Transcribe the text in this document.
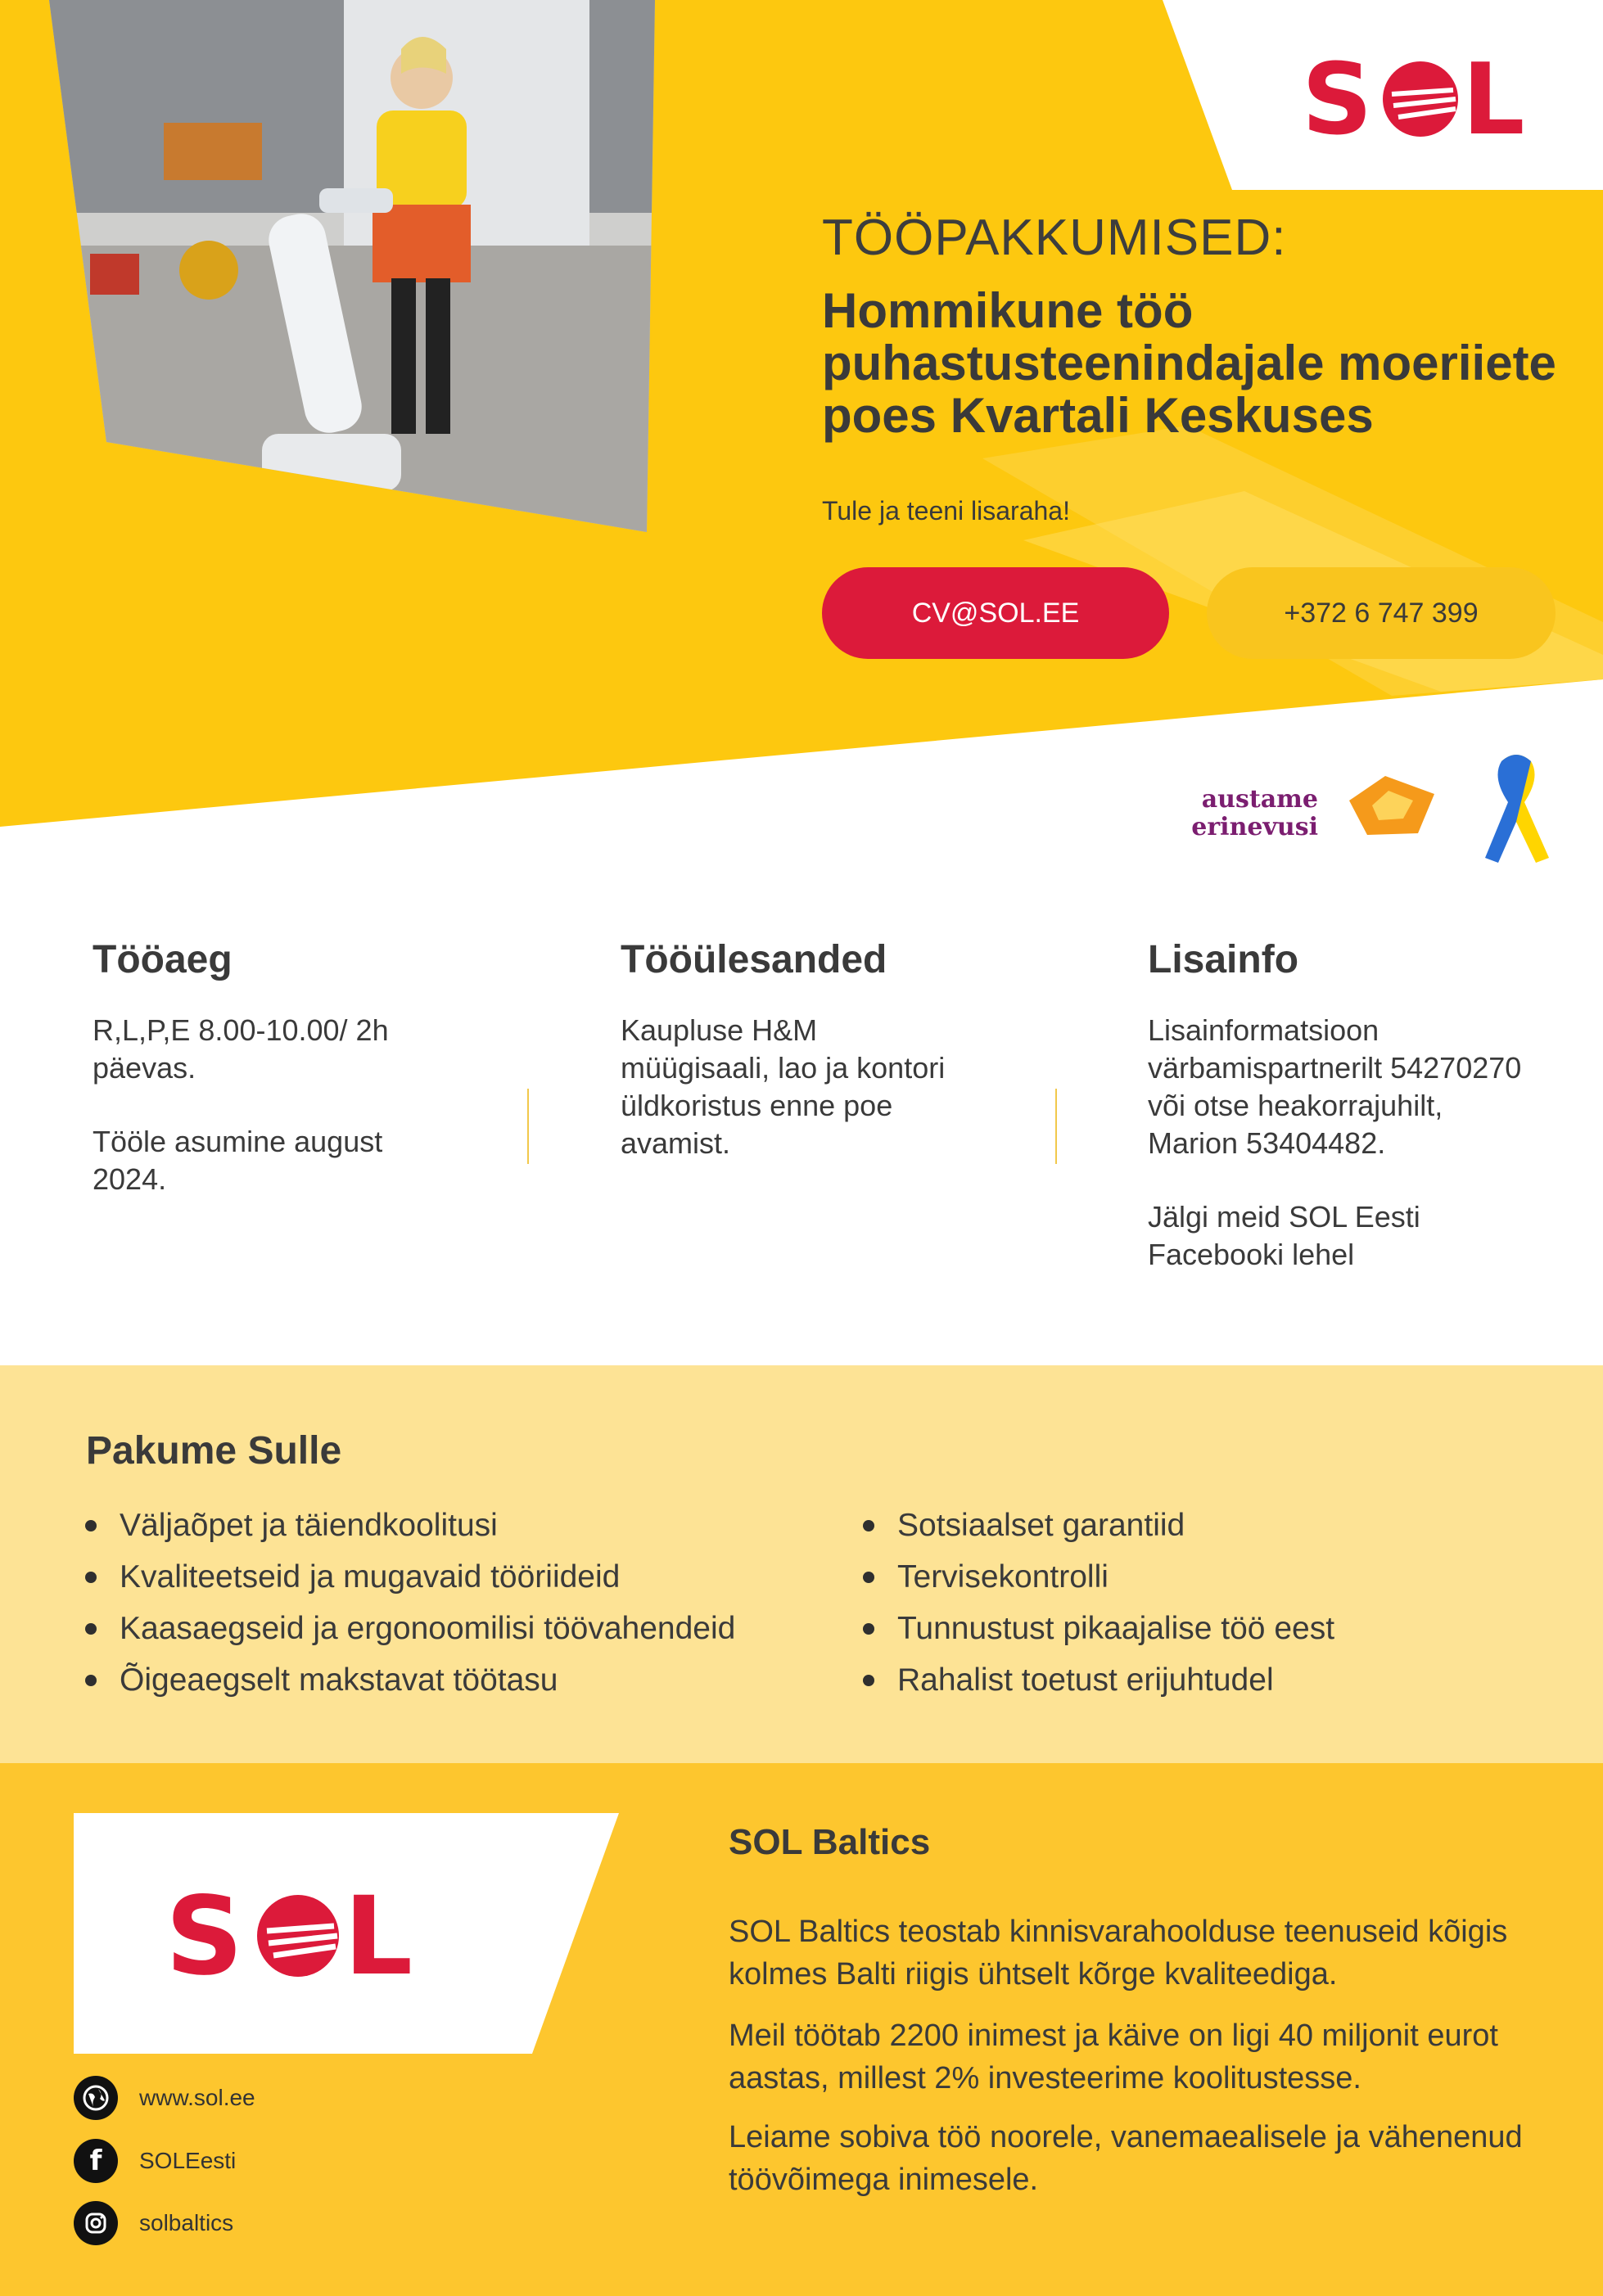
S L
TÖÖPAKKUMISED:
Hommikune töö puhastusteenindajale moeriiete poes Kvartali Keskuses
Tule ja teeni lisaraha!
CV@SOL.EE	+372 6 747 399
austame
erinevusi
Tööaeg

R,L,P,E 8.00-10.00/ 2h päevas.

Tööle asumine august 2024.

Tööülesanded

Kaupluse H&M müügisaali, lao ja kontori üldkoristus enne poe avamist.

Lisainfo

Lisainformatsioon värbamispartnerilt 54270270 või otse heakorrajuhilt, Marion 53404482.

Jälgi meid SOL Eesti Facebooki lehel

Pakume Sulle
Väljaõpet ja täiendkoolitusi
Kvaliteetseid ja mugavaid tööriideid
Kaasaegseid ja ergonoomilisi töövahendeid
Õigeaegselt makstavat töötasu
Sotsiaalset garantiid
Tervisekontrolli
Tunnustust pikaajalise töö eest
Rahalist toetust erijuhtudel
S L
www.sol.ee
f SOLEesti
solbaltics
SOL Baltics

SOL Baltics teostab kinnisvarahoolduse teenuseid kõigis kolmes Balti riigis ühtselt kõrge kvaliteediga.

Meil töötab 2200 inimest ja käive on ligi 40 miljonit eurot aastas, millest 2% investeerime koolitustesse.

Leiame sobiva töö noorele, vanemaealisele ja vähenenud töövõimega inimesele.
